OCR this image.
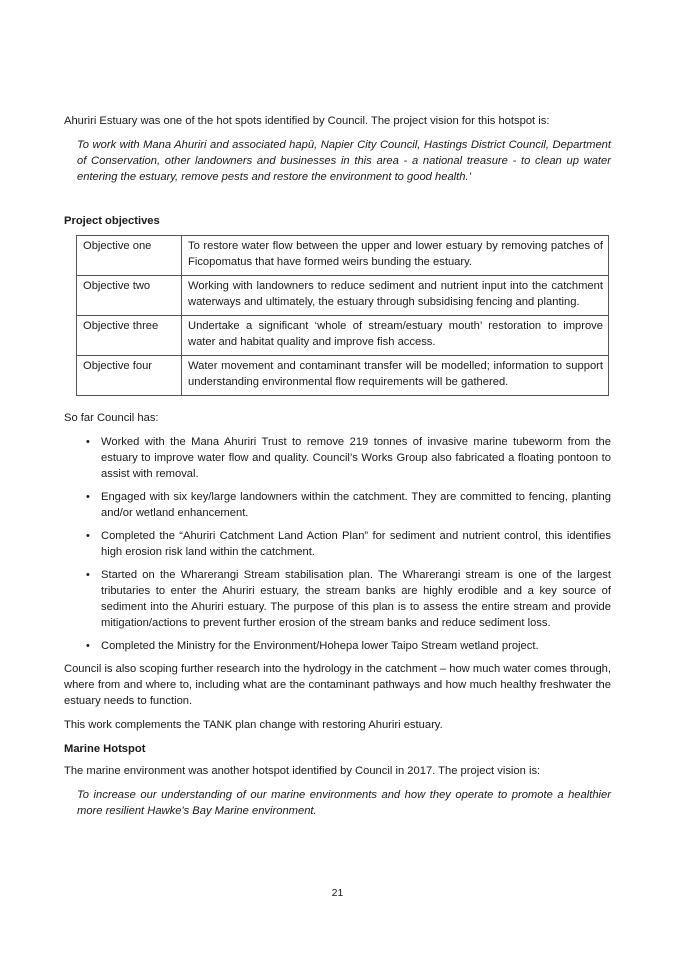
Ahuriri Estuary was one of the hot spots identified by Council. The project vision for this hotspot is:

To work with Mana Ahuriri and associated hapū, Napier City Council, Hastings District Council, Department of Conservation, other landowners and businesses in this area - a national treasure - to clean up water entering the estuary, remove pests and restore the environment to good health.’

Project objectives
Objective one	To restore water flow between the upper and lower estuary by removing patches of Ficopomatus that have formed weirs bunding the estuary.
Objective two	Working with landowners to reduce sediment and nutrient input into the catchment waterways and ultimately, the estuary through subsidising fencing and planting.
Objective three	Undertake a significant ‘whole of stream/estuary mouth’ restoration to improve water and habitat quality and improve fish access.
Objective four	Water movement and contaminant transfer will be modelled; information to support understanding environmental flow requirements will be gathered.

So far Council has:

• Worked with the Mana Ahuriri Trust to remove 219 tonnes of invasive marine tubeworm from the estuary to improve water flow and quality. Council’s Works Group also fabricated a floating pontoon to assist with removal.
• Engaged with six key/large landowners within the catchment. They are committed to fencing, planting and/or wetland enhancement.
• Completed the “Ahuriri Catchment Land Action Plan” for sediment and nutrient control, this identifies high erosion risk land within the catchment.
• Started on the Wharerangi Stream stabilisation plan. The Wharerangi stream is one of the largest tributaries to enter the Ahuriri estuary, the stream banks are highly erodible and a key source of sediment into the Ahuriri estuary. The purpose of this plan is to assess the entire stream and provide mitigation/actions to prevent further erosion of the stream banks and reduce sediment loss.
• Completed the Ministry for the Environment/Hohepa lower Taipo Stream wetland project.

Council is also scoping further research into the hydrology in the catchment – how much water comes through, where from and where to, including what are the contaminant pathways and how much healthy freshwater the estuary needs to function.

This work complements the TANK plan change with restoring Ahuriri estuary.

Marine Hotspot

The marine environment was another hotspot identified by Council in 2017. The project vision is:

To increase our understanding of our marine environments and how they operate to promote a healthier more resilient Hawke's Bay Marine environment.

21
